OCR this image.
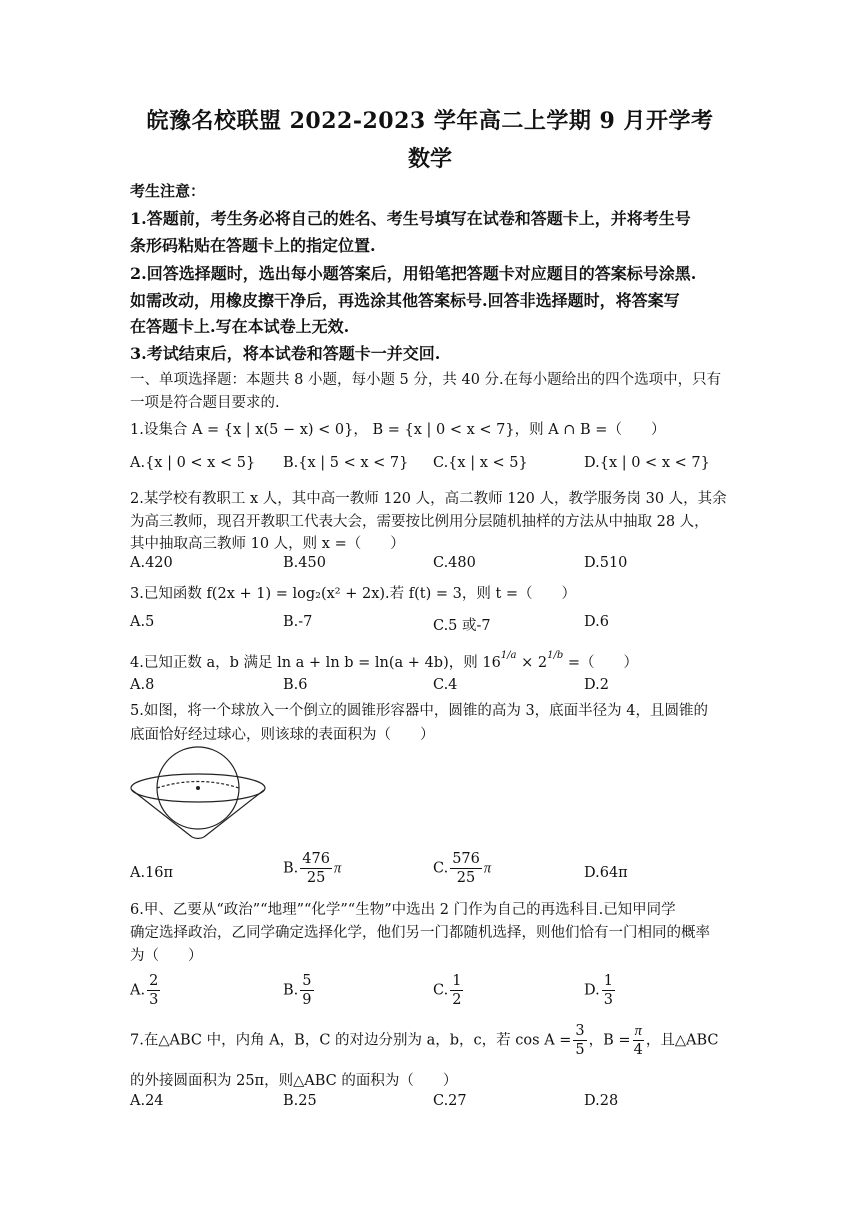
皖豫名校联盟 2022-2023 学年高二上学期 9 月开学考
数学
考生注意：
1.答题前，考生务必将自己的姓名、考生号填写在试卷和答题卡上，并将考生号
条形码粘贴在答题卡上的指定位置.
2.回答选择题时，选出每小题答案后，用铅笔把答题卡对应题目的答案标号涂黑.
如需改动，用橡皮擦干净后，再选涂其他答案标号.回答非选择题时，将答案写
在答题卡上.写在本试卷上无效.
3.考试结束后，将本试卷和答题卡一并交回.
一、单项选择题：本题共 8 小题，每小题 5 分，共 40 分.在每小题给出的四个选项中，只有
一项是符合题目要求的.
1.设集合 A = {x | x(5 − x) < 0}， B = {x | 0 < x < 7}，则 A ∩ B =（　　）
A.{x | 0 < x < 5} B.{x | 5 < x < 7} C.{x | x < 5}	D.{x | 0 < x < 7}
2.某学校有教职工 x 人，其中高一教师 120 人，高二教师 120 人，教学服务岗 30 人，其余
为高三教师，现召开教职工代表大会，需要按比例用分层随机抽样的方法从中抽取 28 人，
其中抽取高三教师 10 人，则 x =（　　）
A.420	B.450	C.480	D.510
3.已知函数 f(2x + 1) = log₂(x² + 2x).若 f(t) = 3，则 t =（　　）
A.5	B.-7	C.5 或-7	D.6
4.已知正数 a，b 满足 ln a + ln b = ln(a + 4b)，则 $16^{1/a} \times 2^{1/b}$ =（　　）
A.8	B.6	C.4	D.2
5.如图，将一个球放入一个倒立的圆锥形容器中，圆锥的高为 3，底面半径为 4，且圆锥的
底面恰好经过球心，则该球的表面积为（　　）
A.16π	B. $\frac{476}{25}$ π	C. $\frac{576}{25}$ π	D.64π
6.甲、乙要从“政治”“地理”“化学”“生物”中选出 2 门作为自己的再选科目.已知甲同学
确定选择政治，乙同学确定选择化学，他们另一门都随机选择，则他们恰有一门相同的概率
为（　　）
A. $\frac{2}{3}$	B. $\frac{5}{9}$	C. $\frac{1}{2}$	D. $\frac{1}{3}$
7.在△ABC 中，内角 A，B，C 的对边分别为 a，b，c，若 $\cos A = \frac{3}{5}$ ，$B = \frac{\pi}{4}$ ，且△ABC
的外接圆面积为 25π，则△ABC 的面积为（　　）
A.24	B.25	C.27	D.28
